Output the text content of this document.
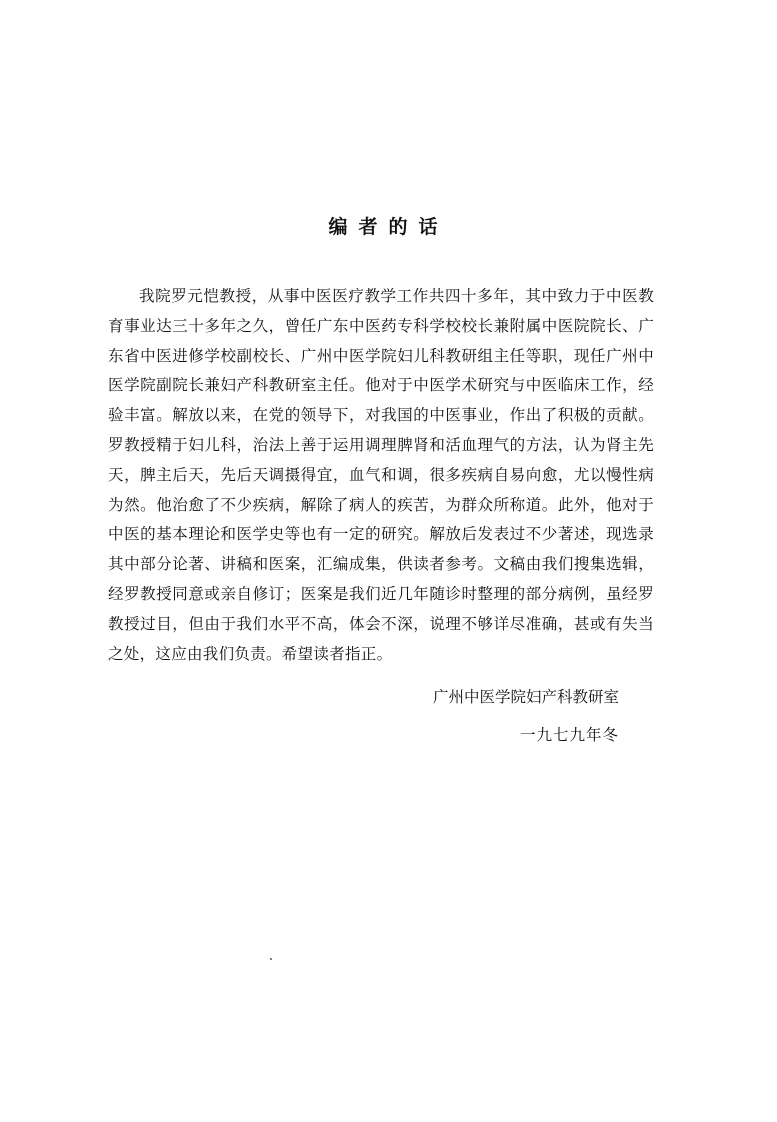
编者的话

我院罗元恺教授，从事中医医疗教学工作共四十多年，其中致力于中医教育事业达三十多年之久，曾任广东中医药专科学校校长兼附属中医院院长、广东省中医进修学校副校长、广州中医学院妇儿科教研组主任等职，现任广州中医学院副院长兼妇产科教研室主任。他对于中医学术研究与中医临床工作，经验丰富。解放以来，在党的领导下，对我国的中医事业，作出了积极的贡献。罗教授精于妇儿科，治法上善于运用调理脾肾和活血理气的方法，认为肾主先天，脾主后天，先后天调摄得宜，血气和调，很多疾病自易向愈，尤以慢性病为然。他治愈了不少疾病，解除了病人的疾苦，为群众所称道。此外，他对于中医的基本理论和医学史等也有一定的研究。解放后发表过不少著述，现选录其中部分论著、讲稿和医案，汇编成集，供读者参考。文稿由我们搜集选辑，经罗教授同意或亲自修订；医案是我们近几年随诊时整理的部分病例，虽经罗教授过目，但由于我们水平不高，体会不深，说理不够详尽准确，甚或有失当之处，这应由我们负责。希望读者指正。

广州中医学院妇产科教研室
一九七九年冬
